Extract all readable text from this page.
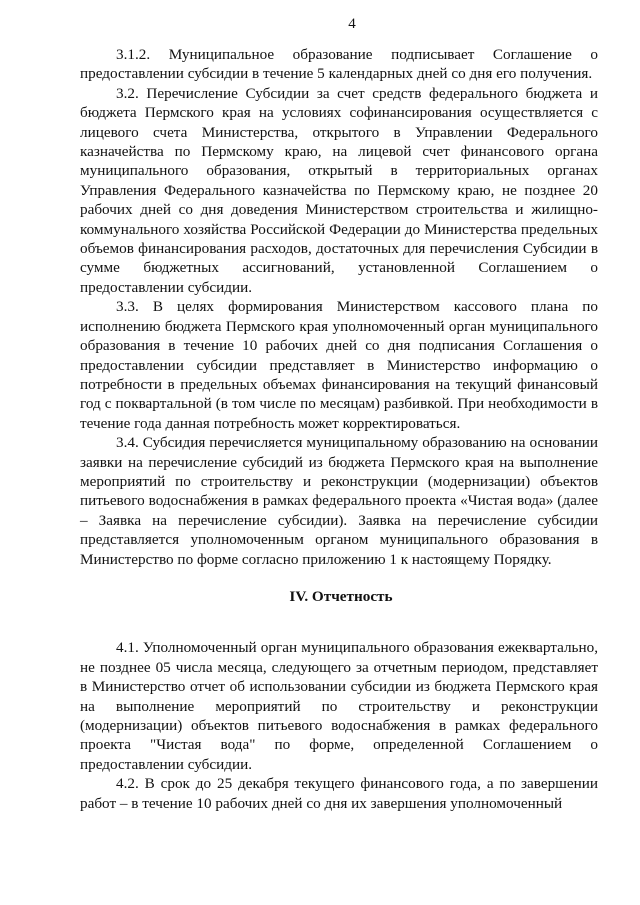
4

3.1.2. Муниципальное образование подписывает Соглашение о предоставлении субсидии в течение 5 календарных дней со дня его получения.

3.2. Перечисление Субсидии за счет средств федерального бюджета и бюджета Пермского края на условиях софинансирования осуществляется с лицевого счета Министерства, открытого в Управлении Федерального казначейства по Пермскому краю, на лицевой счет финансового органа муниципального образования, открытый в территориальных органах Управления Федерального казначейства по Пермскому краю, не позднее 20 рабочих дней со дня доведения Министерством строительства и жилищно-коммунального хозяйства Российской Федерации до Министерства предельных объемов финансирования расходов, достаточных для перечисления Субсидии в сумме бюджетных ассигнований, установленной Соглашением о предоставлении субсидии.

3.3. В целях формирования Министерством кассового плана по исполнению бюджета Пермского края уполномоченный орган муниципального образования в течение 10 рабочих дней со дня подписания Соглашения о предоставлении субсидии представляет в Министерство информацию о потребности в предельных объемах финансирования на текущий финансовый год с поквартальной (в том числе по месяцам) разбивкой. При необходимости в течение года данная потребность может корректироваться.

3.4. Субсидия перечисляется муниципальному образованию на основании заявки на перечисление субсидий из бюджета Пермского края на выполнение мероприятий по строительству и реконструкции (модернизации) объектов питьевого водоснабжения в рамках федерального проекта «Чистая вода» (далее – Заявка на перечисление субсидии). Заявка на перечисление субсидии представляется уполномоченным органом муниципального образования в Министерство по форме согласно приложению 1 к настоящему Порядку.

IV. Отчетность

4.1. Уполномоченный орган муниципального образования ежеквартально, не позднее 05 числа месяца, следующего за отчетным периодом, представляет в Министерство отчет об использовании субсидии из бюджета Пермского края на выполнение мероприятий по строительству и реконструкции (модернизации) объектов питьевого водоснабжения в рамках федерального проекта "Чистая вода" по форме, определенной Соглашением о предоставлении субсидии.

4.2. В срок до 25 декабря текущего финансового года, а по завершении работ – в течение 10 рабочих дней со дня их завершения уполномоченный
